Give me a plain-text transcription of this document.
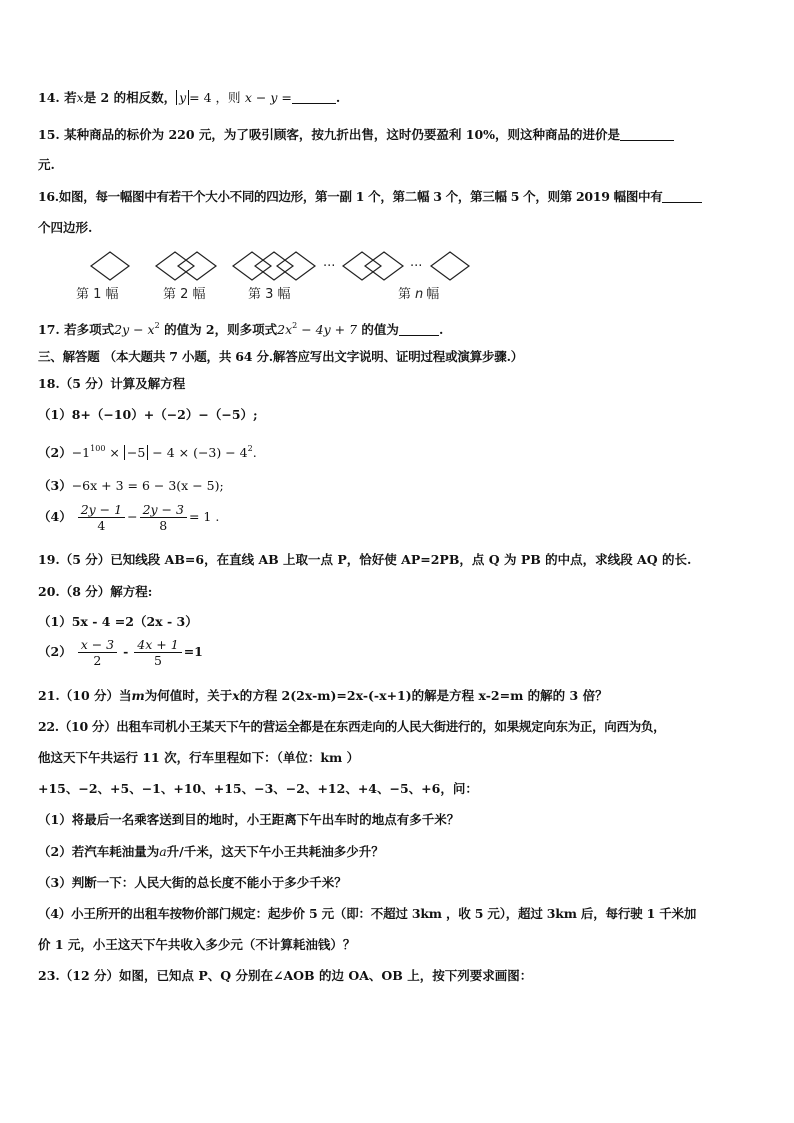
14. 若x是 2 的相反数， y = 4 ，则 x − y =	.
15. 某种商品的标价为 220 元，为了吸引顾客，按九折出售，这时仍要盈利 10%，则这种商品的进价是
元.
16.如图，每一幅图中有若干个大小不同的四边形，第一副 1 个，第二幅 3 个，第三幅 5 个，则第 2019 幅图中有
个四边形.
···	···
第 1 幅	第 2 幅	第 3 幅	第 n 幅
17. 若多项式$2y - x^2$ 的值为 2，则多项式$2x^2 - 4y + 7$ 的值为	.
三、解答题 （本大题共 7 小题，共 64 分.解答应写出文字说明、证明过程或演算步骤.）
18.（5 分）计算及解方程
（1）8+（−10）+（−2）−（−5）;
$(2)-1^{100} \times -5 - 4 \times (-3) - 4^2$.
（3）−6x + 3 = 6 − 3(x − 5);
$(4) \frac{2y - 1}{4} - \frac{2y - 3}{8} = 1$ .
19.（5 分）已知线段 AB=6，在直线 AB 上取一点 P，恰好使 AP=2PB，点 Q 为 PB 的中点，求线段 AQ 的长.
20.（8 分）解方程:
（1）5x - 4 =2（2x - 3）
$(2) \frac{x - 3}{2} - \frac{4x + 1}{5} =1$
21.（10 分）当m为何值时，关于x的方程 2(2x-m)=2x-(-x+1)的解是方程 x-2=m 的解的 3 倍？
22.（10 分）出租车司机小王某天下午的营运全都是在东西走向的人民大街进行的，如果规定向东为正，向西为负，
他这天下午共运行 11 次，行车里程如下：（单位：km ）
+15、−2、+5、−1、+10、+15、−3、−2、+12、+4、−5、+6，问：
（1）将最后一名乘客送到目的地时，小王距离下午出车时的地点有多千米？
（2）若汽车耗油量为a升/千米，这天下午小王共耗油多少升？
（3）判断一下：人民大街的总长度不能小于多少千米？
（4）小王所开的出租车按物价部门规定：起步价 5 元（即：不超过 3km ，收 5 元），超过 3km 后，每行驶 1 千米加
价 1 元，小王这天下午共收入多少元（不计算耗油钱）？
23.（12 分）如图，已知点 P、Q 分别在∠AOB 的边 OA、OB 上，按下列要求画图：
